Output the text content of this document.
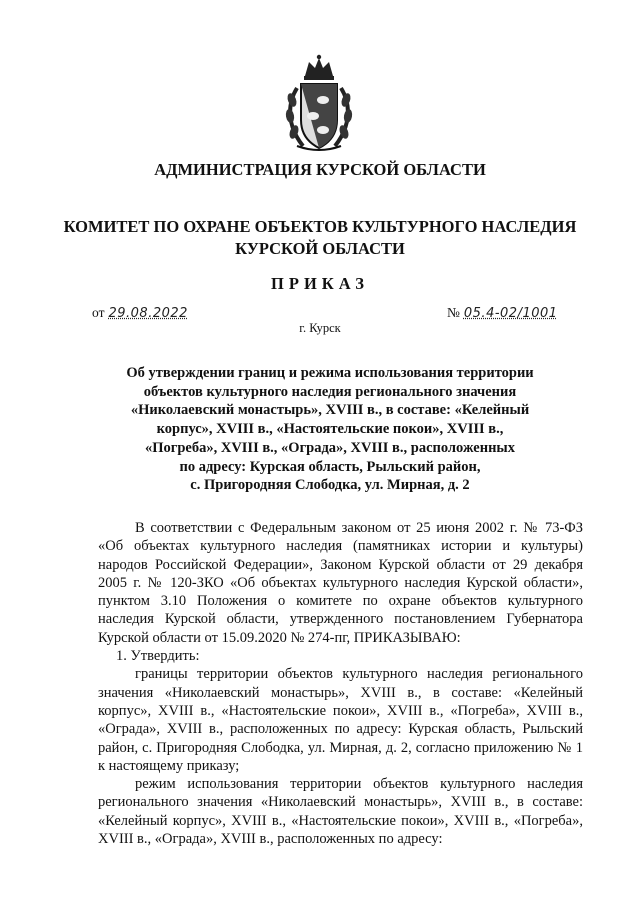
АДМИНИСТРАЦИЯ КУРСКОЙ ОБЛАСТИ
КОМИТЕТ ПО ОХРАНЕ ОБЪЕКТОВ КУЛЬТУРНОГО НАСЛЕДИЯ
КУРСКОЙ ОБЛАСТИ
ПРИКАЗ
от 29.08.2022	№ 05.4-02/1001
г. Курск
Об утверждении границ и режима использования территории
объектов культурного наследия регионального значения
«Николаевский монастырь», XVIII в., в составе: «Келейный
корпус», XVIII в., «Настоятельские покои», XVIII в.,
«Погреба», XVIII в., «Ограда», XVIII в., расположенных
по адресу: Курская область, Рыльский район,
с. Пригородняя Слободка, ул. Мирная, д. 2

В соответствии с Федеральным законом от 25 июня 2002 г. № 73-ФЗ «Об объектах культурного наследия (памятниках истории и культуры) народов Российской Федерации», Законом Курской области от 29 декабря 2005 г. № 120-ЗКО «Об объектах культурного наследия Курской области», пунктом 3.10 Положения о комитете по охране объектов культурного наследия Курской области, утвержденного постановлением Губернатора Курской области от 15.09.2020 № 274-пг, ПРИКАЗЫВАЮ:

1. Утвердить:

границы территории объектов культурного наследия регионального значения «Николаевский монастырь», XVIII в., в составе: «Келейный корпус», XVIII в., «Настоятельские покои», XVIII в., «Погреба», XVIII в., «Ограда», XVIII в., расположенных по адресу: Курская область, Рыльский район, с. Пригородняя Слободка, ул. Мирная, д. 2, согласно приложению № 1 к настоящему приказу;

режим использования территории объектов культурного наследия регионального значения «Николаевский монастырь», XVIII в., в составе: «Келейный корпус», XVIII в., «Настоятельские покои», XVIII в., «Погреба», XVIII в., «Ограда», XVIII в., расположенных по адресу:
